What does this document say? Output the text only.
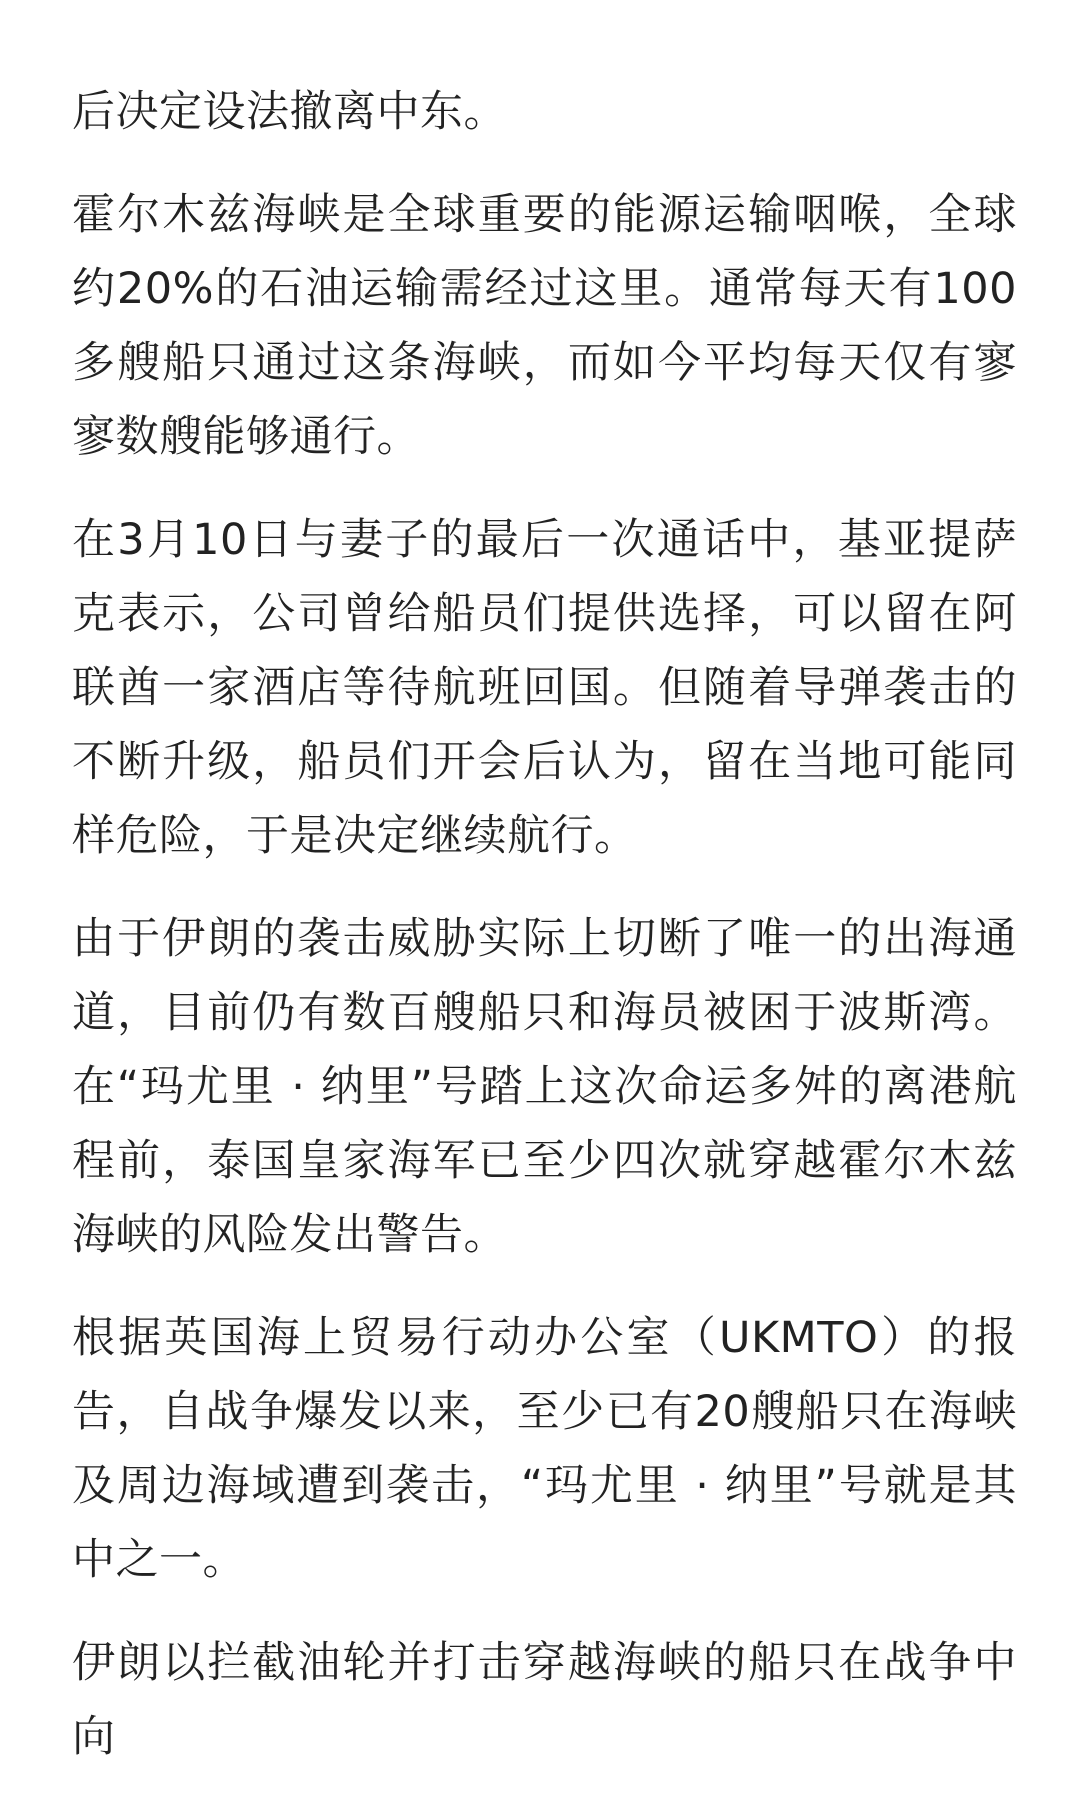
后决定设法撤离中东。

霍尔木兹海峡是全球重要的能源运输咽喉，全球约20%的石油运输需经过这里。通常每天有100多艘船只通过这条海峡，而如今平均每天仅有寥寥数艘能够通行。

在3月10日与妻子的最后一次通话中，基亚提萨克表示，公司曾给船员们提供选择，可以留在阿联酋一家酒店等待航班回国。但随着导弹袭击的不断升级，船员们开会后认为，留在当地可能同样危险，于是决定继续航行。

由于伊朗的袭击威胁实际上切断了唯一的出海通道，目前仍有数百艘船只和海员被困于波斯湾。在“玛尤里 · 纳里”号踏上这次命运多舛的离港航程前，泰国皇家海军已至少四次就穿越霍尔木兹海峡的风险发出警告。

根据英国海上贸易行动办公室（UKMTO）的报告，自战争爆发以来，至少已有20艘船只在海峡及周边海域遭到袭击，“玛尤里 · 纳里”号就是其中之一。

伊朗以拦截油轮并打击穿越海峡的船只在战争中向
